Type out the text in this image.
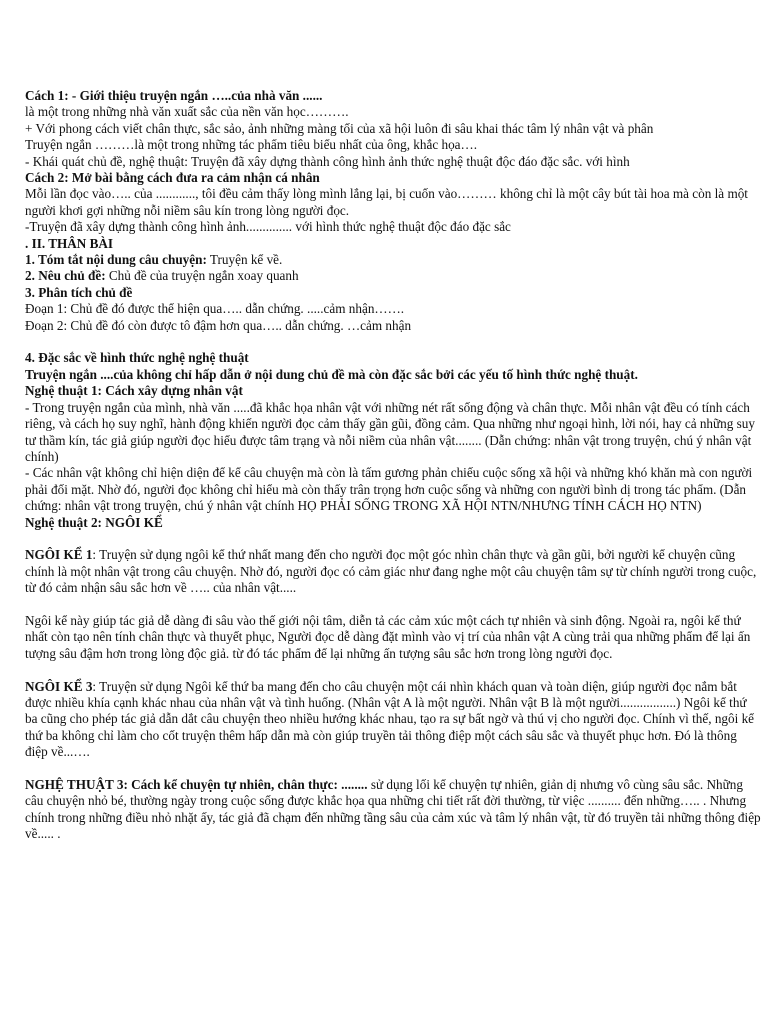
Cách 1: - Giới thiệu truyện ngắn …..của nhà văn ......
là một trong những nhà văn xuất sắc của nền văn học……….
+ Với phong cách viết chân thực, sắc sảo, ảnh những màng tối của xã hội luôn đi sâu khai thác tâm lý nhân vật và phân
Truyện ngắn ………là một trong những tác phẩm tiêu biểu nhất của ông, khắc họa….
- Khái quát chủ đề, nghệ thuật: Truyện đã xây dựng thành công hình ảnh thức nghệ thuật độc đáo đặc sắc. với hình
Cách 2: Mở bài bằng cách đưa ra cảm nhận cá nhân
Mỗi lần đọc vào….. của ............, tôi đều cảm thấy lòng mình lắng lại, bị cuốn vào……… không chỉ là một cây bút tài hoa mà còn là một người khơi gợi những nỗi niềm sâu kín trong lòng người đọc.
-Truyện đã xây dựng thành công hình ảnh.............. với hình thức nghệ thuật độc đáo đặc sắc
. II. THÂN BÀI
1. Tóm tắt nội dung câu chuyện: Truyện kể về.
2. Nêu chủ đề: Chủ đề của truyện ngắn xoay quanh
3. Phân tích chủ đề
Đoạn 1: Chủ đề đó được thể hiện qua….. dẫn chứng. .....cảm nhận…….
Đoạn 2: Chủ đề đó còn được tô đậm hơn qua….. dẫn chứng. …cảm nhận
4. Đặc sắc về hình thức nghệ nghệ thuật
Truyện ngắn ....của không chỉ hấp dẫn ở nội dung chủ đề mà còn đặc sắc bởi các yếu tố hình thức nghệ thuật.
Nghệ thuật 1: Cách xây dựng nhân vật
- Trong truyện ngắn của mình, nhà văn .....đã khắc họa nhân vật với những nét rất sống động và chân thực. Mỗi nhân vật đều có tính cách riêng, và cách họ suy nghĩ, hành động khiến người đọc cảm thấy gần gũi, đồng cảm. Qua những như ngoại hình, lời nói, hay cả những suy tư thầm kín, tác giả giúp người đọc hiểu được tâm trạng và nỗi niềm của nhân vật........ (Dẫn chứng: nhân vật trong truyện, chú ý nhân vật chính)
- Các nhân vật không chỉ hiện diện để kể câu chuyện mà còn là tấm gương phản chiếu cuộc sống xã hội và những khó khăn mà con người phải đối mặt. Nhờ đó, người đọc không chỉ hiểu mà còn thấy trân trọng hơn cuộc sống và những con người bình dị trong tác phẩm. (Dẫn chứng: nhân vật trong truyện, chú ý nhân vật chính HỌ PHẢI SỐNG TRONG XÃ HỘI NTN/NHƯNG TÍNH CÁCH HỌ NTN)
Nghệ thuật 2: NGÔI KỂ
NGÔI KỂ 1: Truyện sử dụng ngôi kể thứ nhất mang đến cho người đọc một góc nhìn chân thực và gần gũi, bởi người kể chuyện cũng chính là một nhân vật trong câu chuyện. Nhờ đó, người đọc có cảm giác như đang nghe một câu chuyện tâm sự từ chính người trong cuộc, từ đó cảm nhận sâu sắc hơn về ….. của nhân vật.....
Ngôi kể này giúp tác giả dễ dàng đi sâu vào thế giới nội tâm, diễn tả các cảm xúc một cách tự nhiên và sinh động. Ngoài ra, ngôi kể thứ nhất còn tạo nên tính chân thực và thuyết phục, Người đọc dễ dàng đặt mình vào vị trí của nhân vật A cùng trải qua những phẩm để lại ấn tượng sâu đậm hơn trong lòng độc giả. từ đó tác phẩm để lại những ấn tượng sâu sắc hơn trong lòng người đọc.
NGÔI KỂ 3: Truyện sử dụng Ngôi kể thứ ba mang đến cho câu chuyện một cái nhìn khách quan và toàn diện, giúp người đọc nắm bắt được nhiều khía cạnh khác nhau của nhân vật và tình huống. (Nhân vật A là một người. Nhân vật B là một người.................) Ngôi kể thứ ba cũng cho phép tác giả dẫn dắt câu chuyện theo nhiều hướng khác nhau, tạo ra sự bất ngờ và thú vị cho người đọc. Chính vì thế, ngôi kể thứ ba không chỉ làm cho cốt truyện thêm hấp dẫn mà còn giúp truyền tải thông điệp một cách sâu sắc và thuyết phục hơn. Đó là thông điệp về...….
NGHỆ THUẬT 3: Cách kể chuyện tự nhiên, chân thực: ........ sử dụng lối kể chuyện tự nhiên, giản dị nhưng vô cùng sâu sắc. Những câu chuyện nhỏ bé, thường ngày trong cuộc sống được khắc họa qua những chi tiết rất đời thường, từ việc .......... đến những….. . Nhưng chính trong những điều nhỏ nhặt ấy, tác giả đã chạm đến những tầng sâu của cảm xúc và tâm lý nhân vật, từ đó truyền tải những thông điệp về..... .
